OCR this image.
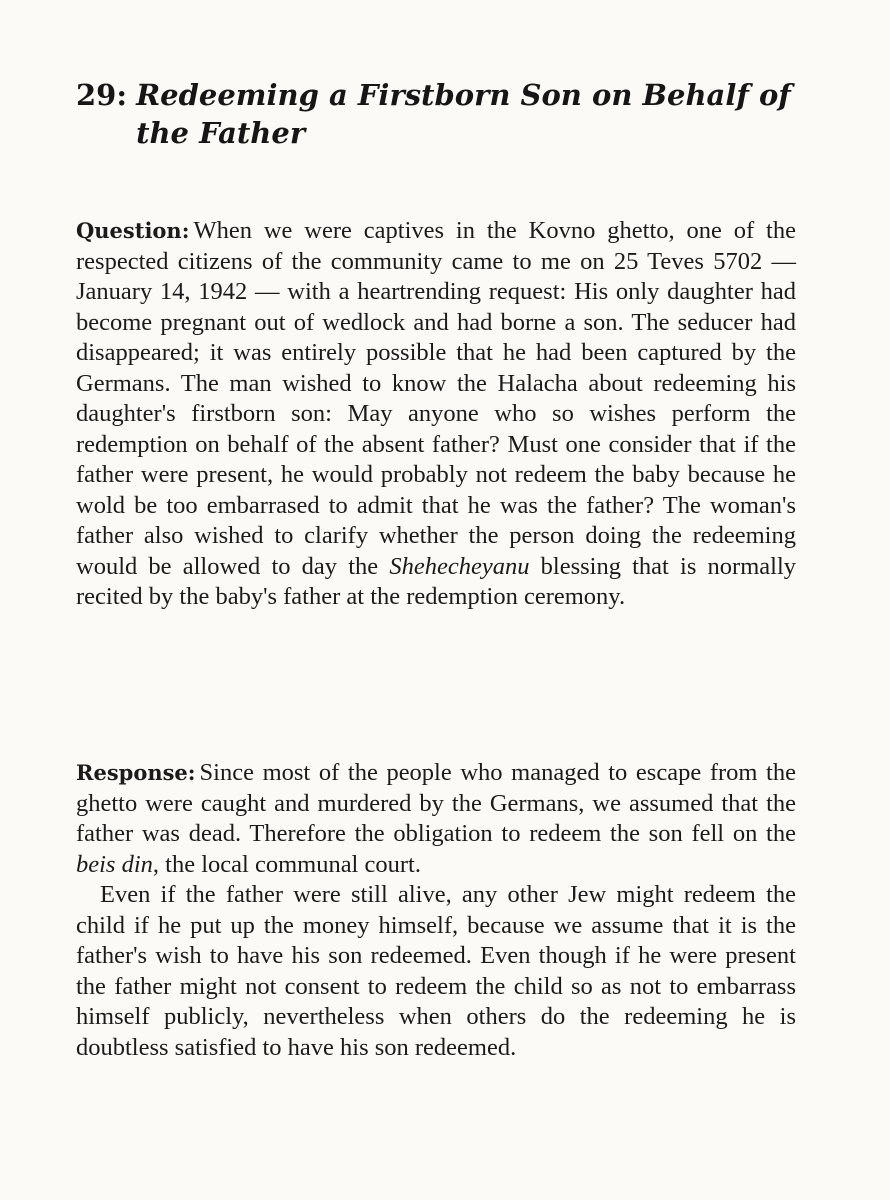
29: Redeeming a Firstborn Son on Behalf of the Father

Question: When we were captives in the Kovno ghetto, one of the respected citizens of the community came to me on 25 Teves 5702 — January 14, 1942 — with a heartrending request: His only daughter had become pregnant out of wedlock and had borne a son. The seducer had disappeared; it was entirely possible that he had been captured by the Germans. The man wished to know the Halacha about redeeming his daughter's firstborn son: May anyone who so wishes perform the redemption on behalf of the absent father? Must one consider that if the father were present, he would probably not redeem the baby because he wold be too embarrased to admit that he was the father? The woman's father also wished to clarify whether the person doing the redeeming would be allowed to day the Shehecheyanu blessing that is normally recited by the baby's father at the redemption ceremony.

Response: Since most of the people who managed to escape from the ghetto were caught and murdered by the Germans, we assumed that the father was dead. Therefore the obligation to redeem the son fell on the beis din, the local communal court.

Even if the father were still alive, any other Jew might redeem the child if he put up the money himself, because we assume that it is the father's wish to have his son redeemed. Even though if he were present the father might not consent to redeem the child so as not to embarrass himself publicly, nevertheless when others do the redeeming he is doubtless satisfied to have his son redeemed.
